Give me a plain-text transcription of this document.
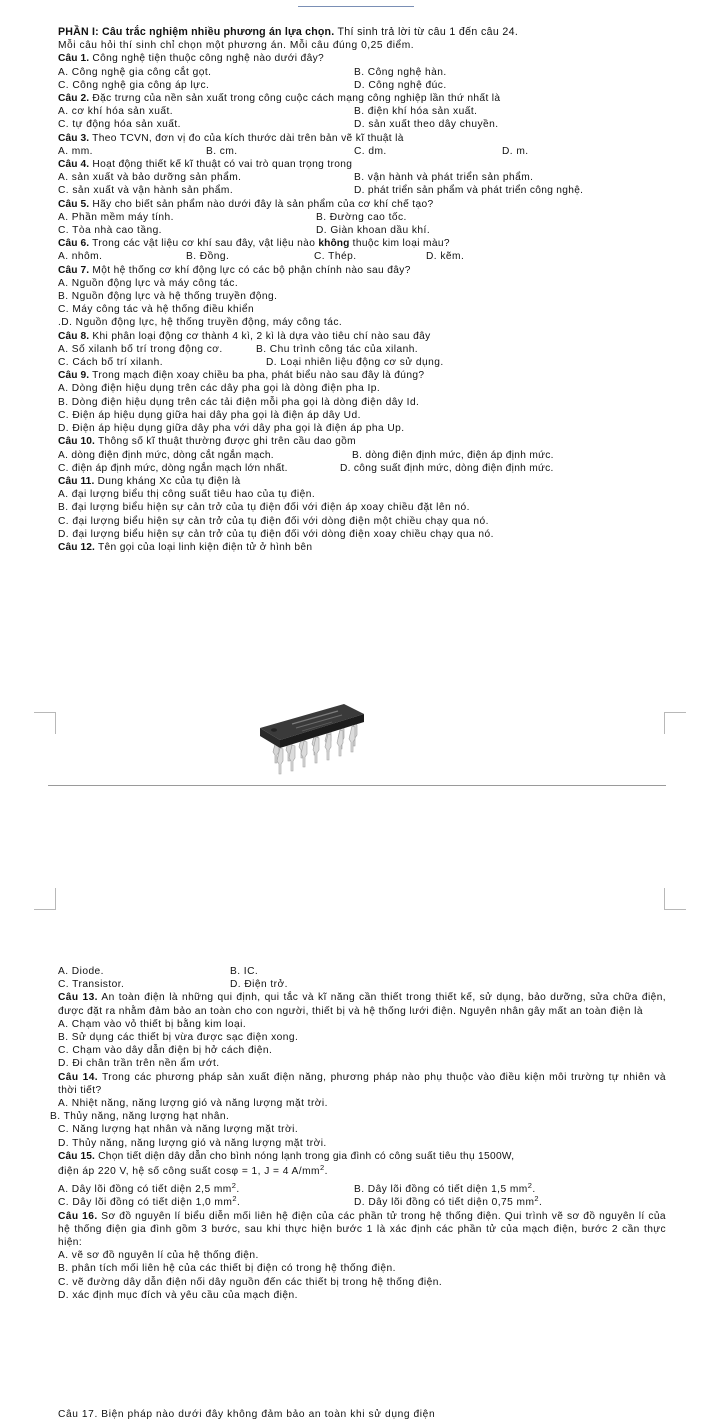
PHẦN I: Câu trắc nghiệm nhiều phương án lựa chọn. Thí sinh trả lời từ câu 1 đến câu 24.
Mỗi câu hỏi thí sinh chỉ chọn một phương án. Mỗi câu đúng 0,25 điểm.
Câu 1. Công nghệ tiện thuộc công nghệ nào dưới đây?
A. Công nghệ gia công cắt gọt.	B. Công nghệ hàn.
C. Công nghệ gia công áp lực.	D. Công nghệ đúc.
Câu 2. Đặc trưng của nền sản xuất trong công cuộc cách mạng công nghiệp lần thứ nhất là
A. cơ khí hóa sản xuất.	B. điện khí hóa sản xuất.
C. tự động hóa sản xuất.	D. sản xuất theo dây chuyền.
Câu 3. Theo TCVN, đơn vị đo của kích thước dài trên bản vẽ kĩ thuật là
A. mm.	B. cm.	C. dm.	D. m.
Câu 4. Hoạt động thiết kế kĩ thuật có vai trò quan trọng trong
A. sản xuất và bảo dưỡng sản phẩm.	B. vận hành và phát triển sản phẩm.
C. sản xuất và vận hành sản phẩm.	D. phát triển sản phẩm và phát triển công nghệ.
Câu 5. Hãy cho biết sản phẩm nào dưới đây là sản phẩm của cơ khí chế tạo?
A. Phần mềm máy tính.	B. Đường cao tốc.
C. Tòa nhà cao tầng.	D. Giàn khoan dầu khí.
Câu 6. Trong các vật liệu cơ khí sau đây, vật liệu nào không thuộc kim loại màu?
A. nhôm.	B. Đồng.	C. Thép.	D. kẽm.
Câu 7. Một hệ thống cơ khí động lực có các bộ phận chính nào sau đây?
A. Nguồn động lực và máy công tác.
B. Nguồn động lực và hệ thống truyền động.
C. Máy công tác và hệ thống điều khiển
.D. Nguồn động lực, hệ thống truyền động, máy công tác.
Câu 8. Khi phân loại động cơ thành 4 kì, 2 kì là dựa vào tiêu chí nào sau đây
A. Số xilanh bố trí trong động cơ.	B. Chu trình công tác của xilanh.
C. Cách bố trí xilanh.	D. Loại nhiên liệu động cơ sử dụng.
Câu 9. Trong mạch điện xoay chiều ba pha, phát biểu nào sau đây là đúng?
A. Dòng điện hiệu dụng trên các dây pha gọi là dòng điện pha Ip.
B. Dòng điện hiệu dụng trên các tải điện mỗi pha gọi là dòng điện dây Id.
C. Điện áp hiệu dụng giữa hai dây pha gọi là điện áp dây Ud.
D. Điện áp hiệu dụng giữa dây pha với dây pha gọi là điện áp pha Up.
Câu 10. Thông số kĩ thuật thường được ghi trên cầu dao gồm
A. dòng điện định mức, dòng cắt ngắn mạch.	B. dòng điện định mức, điện áp định mức.
C. điện áp định mức, dòng ngắn mạch lớn nhất.	D. công suất định mức, dòng điện định mức.
Câu 11. Dung kháng Xc của tụ điện là
A. đại lượng biểu thị công suất tiêu hao của tụ điện.
B. đại lượng biểu hiện sự cản trở của tụ điện đối với điện áp xoay chiều đặt lên nó.
C. đại lượng biểu hiện sự cản trở của tụ điện đối với dòng điện một chiều chạy qua nó.
D. đại lượng biểu hiện sự cản trở của tụ điện đối với dòng điện xoay chiều chạy qua nó.
Câu 12. Tên gọi của loại linh kiện điện tử ở hình bên
A. Diode.	B. IC.
C. Transistor.	D. Điện trở.
Câu 13. An toàn điện là những qui định, qui tắc và kĩ năng cần thiết trong thiết kế, sử dụng, bảo dưỡng, sửa chữa điện, được đặt ra nhằm đảm bảo an toàn cho con người, thiết bị và hệ thống lưới điện. Nguyên nhân gây mất an toàn điện là
A. Chạm vào vỏ thiết bị bằng kim loại.
B. Sử dụng các thiết bị vừa được sạc điện xong.
C. Chạm vào dây dẫn điện bị hở cách điện.
D. Đi chân trần trên nền ẩm ướt.
Câu 14. Trong các phương pháp sản xuất điện năng, phương pháp nào phụ thuộc vào điều kiện môi trường tự nhiên và thời tiết?
A. Nhiệt năng, năng lượng gió và năng lượng mặt trời.
B. Thủy năng, năng lượng hạt nhân.
C. Năng lượng hạt nhân và năng lượng mặt trời.
D. Thủy năng, năng lượng gió và năng lượng mặt trời.
Câu 15. Chọn tiết diện dây dẫn cho bình nóng lạnh trong gia đình có công suất tiêu thụ 1500W,
điện áp 220 V, hệ số công suất cosφ = 1, J = 4 $A/mm^2$.
A. Dây lõi đồng có tiết diện 2,5 $mm^2$.	B. Dây lõi đồng có tiết diện 1,5 $mm^2$.
C. Dây lõi đồng có tiết diện 1,0 $mm^2$.	D. Dây lõi đồng có tiết diện 0,75 $mm^2$.
Câu 16. Sơ đồ nguyên lí biểu diễn mối liên hệ điện của các phần tử trong hệ thống điện. Qui trình vẽ sơ đồ nguyên lí của hệ thống điện gia đình gồm 3 bước, sau khi thực hiện bước 1 là xác định các phần tử của mạch điện, bước 2 cần thực hiện:
A. vẽ sơ đồ nguyên lí của hệ thống điện.
B. phân tích mối liên hệ của các thiết bị điện có trong hệ thống điện.
C. vẽ đường dây dẫn điện nối dây nguồn đến các thiết bị trong hệ thống điện.
D. xác định mục đích và yêu cầu của mạch điện.
Câu 17. Biện pháp nào dưới đây không đảm bảo an toàn khi sử dụng điện
